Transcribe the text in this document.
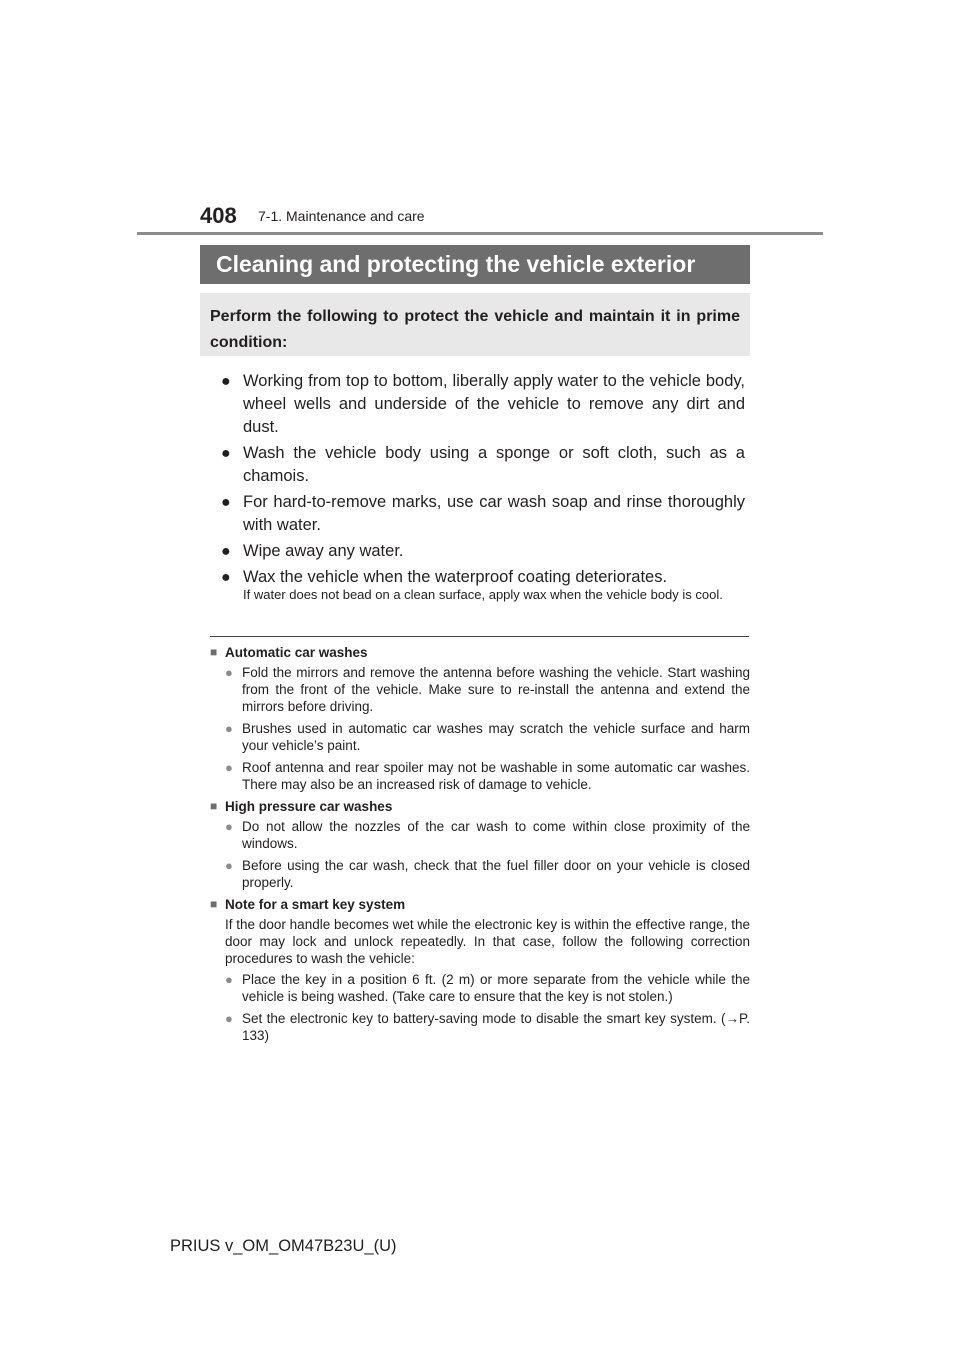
408 7-1. Maintenance and care
Cleaning and protecting the vehicle exterior
Perform the following to protect the vehicle and maintain it in prime condition:
● Working from top to bottom, liberally apply water to the vehicle body, wheel wells and underside of the vehicle to remove any dirt and dust.
● Wash the vehicle body using a sponge or soft cloth, such as a chamois.
● For hard-to-remove marks, use car wash soap and rinse thoroughly with water.
● Wipe away any water.
● Wax the vehicle when the waterproof coating deteriorates.
If water does not bead on a clean surface, apply wax when the vehicle body is cool.
■ Automatic car washes
● Fold the mirrors and remove the antenna before washing the vehicle. Start washing from the front of the vehicle. Make sure to re-install the antenna and extend the mirrors before driving.
● Brushes used in automatic car washes may scratch the vehicle surface and harm your vehicle’s paint.
● Roof antenna and rear spoiler may not be washable in some automatic car washes. There may also be an increased risk of damage to vehicle.
■ High pressure car washes
● Do not allow the nozzles of the car wash to come within close proximity of the windows.
● Before using the car wash, check that the fuel filler door on your vehicle is closed properly.
■ Note for a smart key system

If the door handle becomes wet while the electronic key is within the effective range, the door may lock and unlock repeatedly. In that case, follow the following correction procedures to wash the vehicle:

● Place the key in a position 6 ft. (2 m) or more separate from the vehicle while the vehicle is being washed. (Take care to ensure that the key is not stolen.)
● Set the electronic key to battery-saving mode to disable the smart key system. (→P. 133)
PRIUS v_OM_OM47B23U_(U)
